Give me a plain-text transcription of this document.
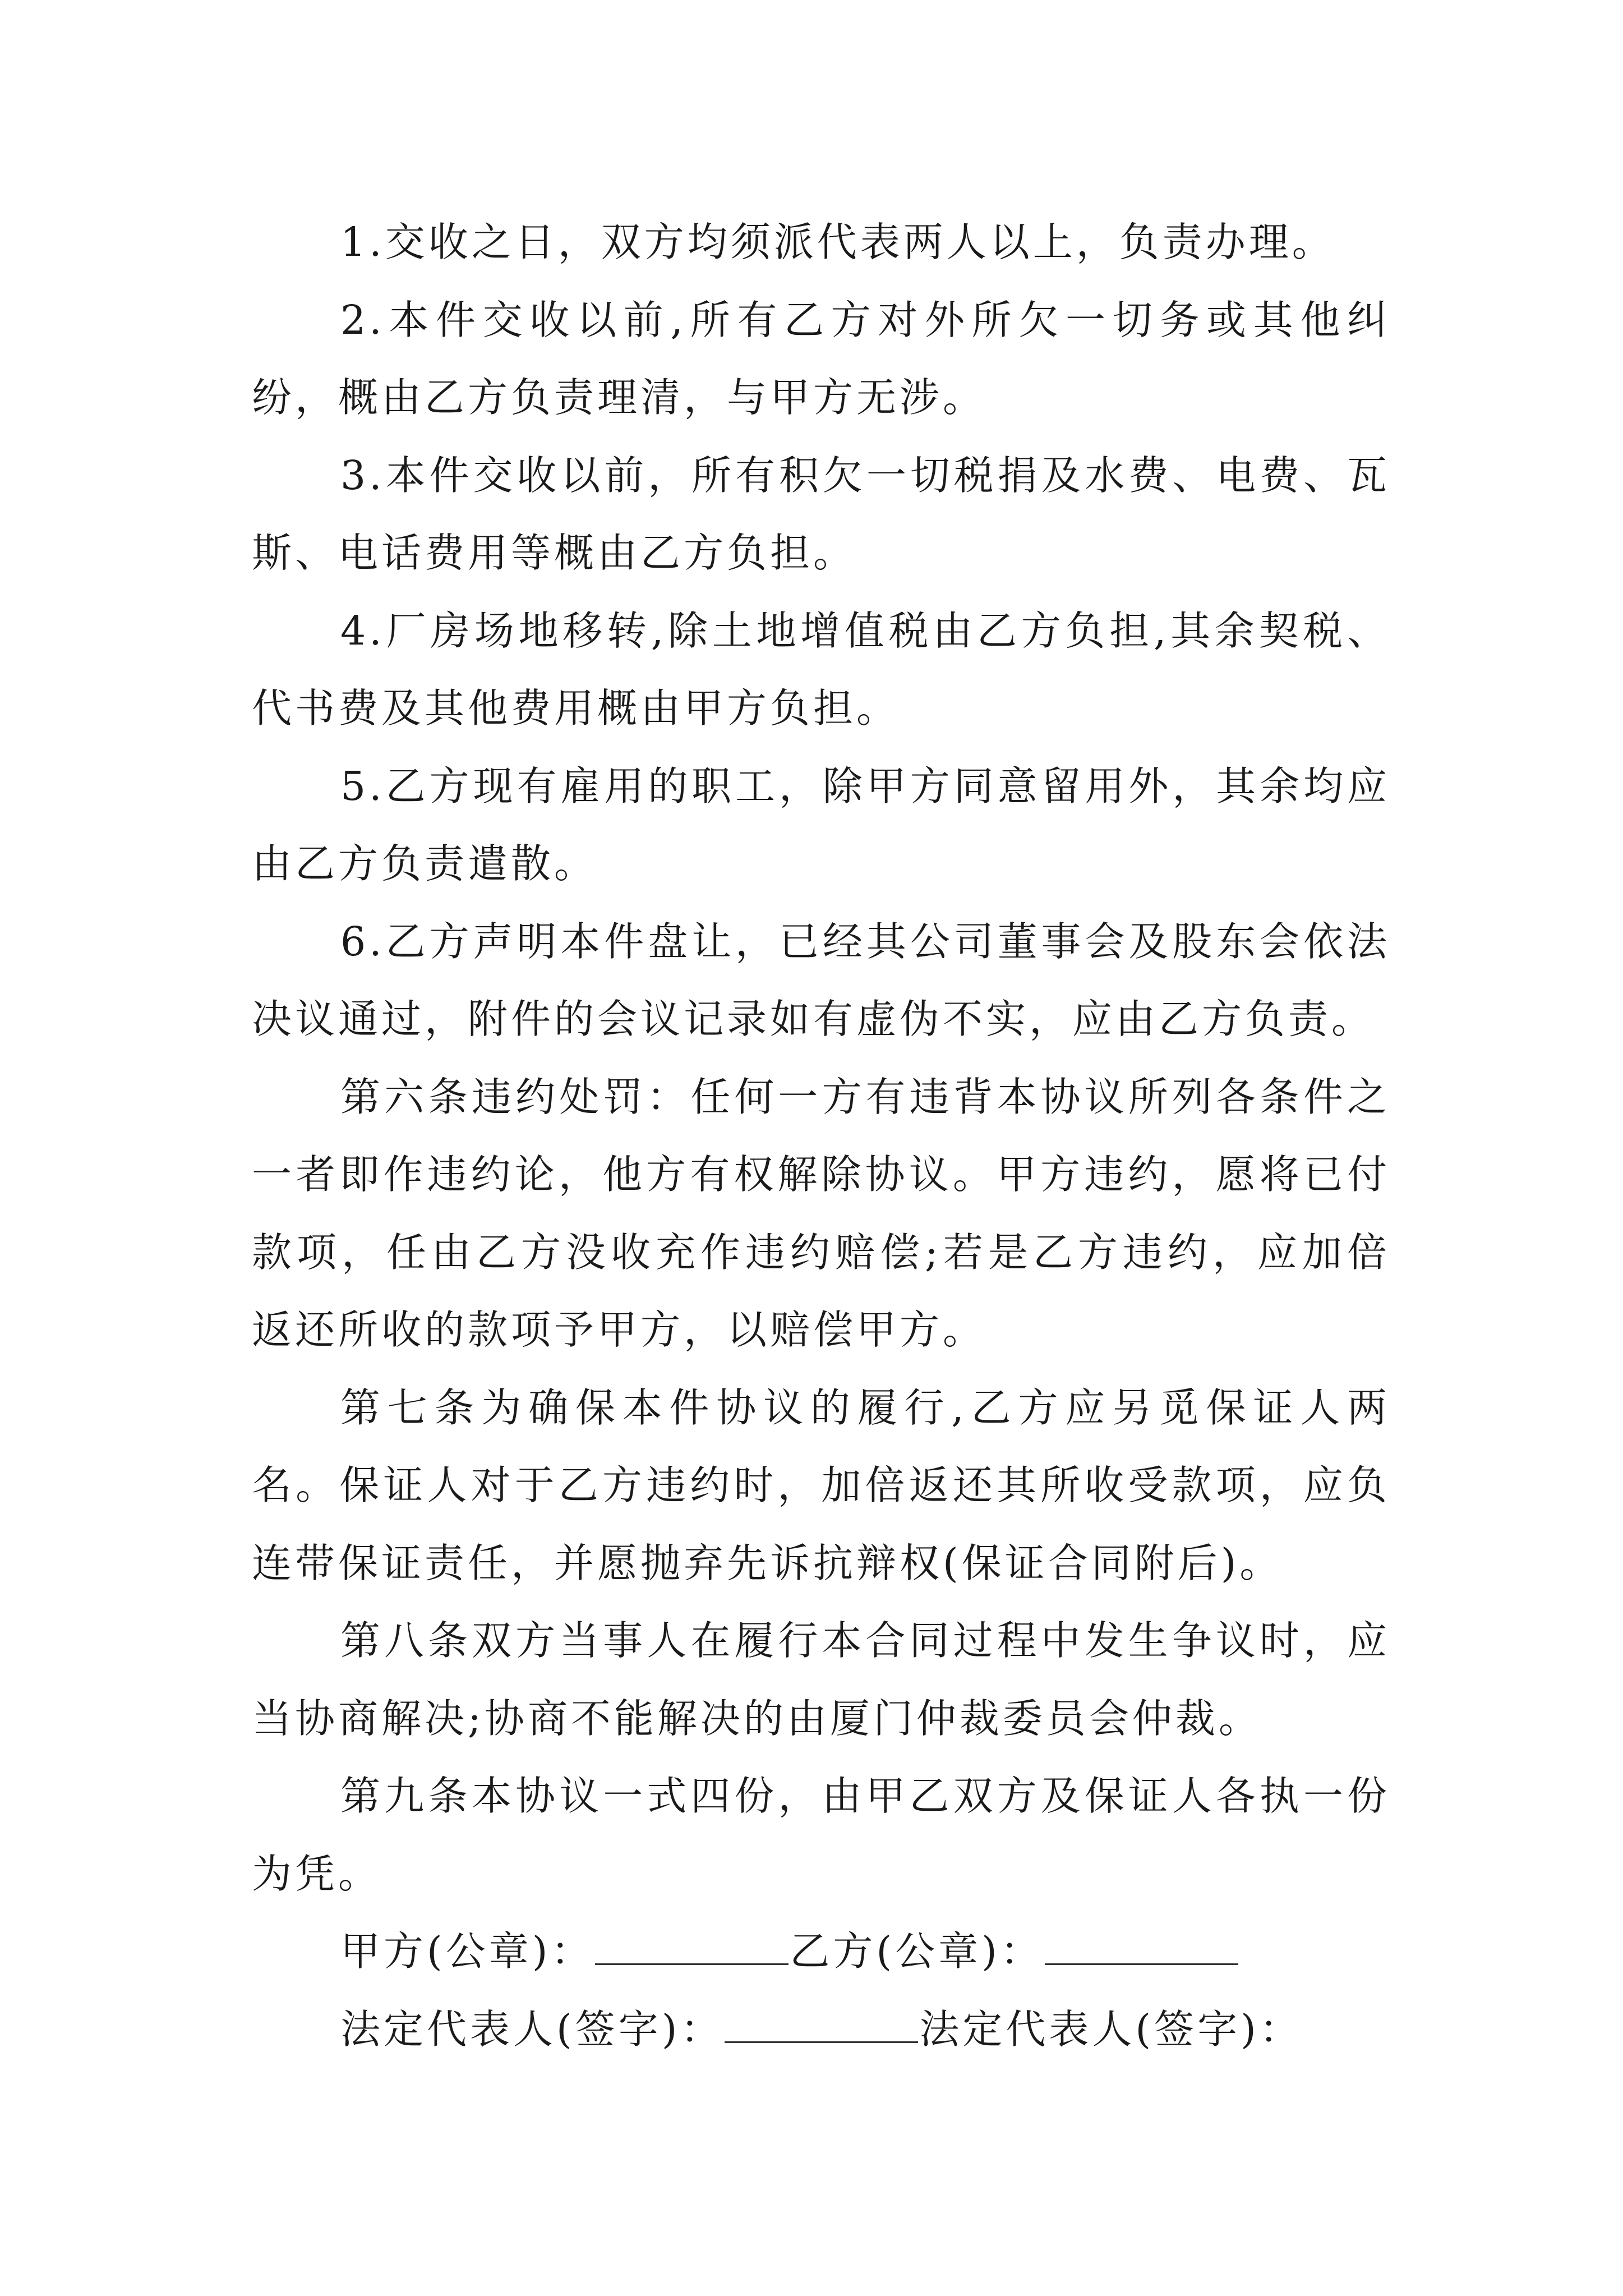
1.交收之日，双方均须派代表两人以上，负责办理。

2.本件交收以前,所有乙方对外所欠一切务或其他纠纷，概由乙方负责理清，与甲方无涉。

3.本件交收以前，所有积欠一切税捐及水费、电费、瓦斯、电话费用等概由乙方负担。

4.厂房场地移转,除土地增值税由乙方负担,其余契税、代书费及其他费用概由甲方负担。

5.乙方现有雇用的职工，除甲方同意留用外，其余均应由乙方负责遣散。

6.乙方声明本件盘让，已经其公司董事会及股东会依法决议通过，附件的会议记录如有虚伪不实，应由乙方负责。

第六条违约处罚：任何一方有违背本协议所列各条件之一者即作违约论，他方有权解除协议。甲方违约，愿将已付款项，任由乙方没收充作违约赔偿;若是乙方违约，应加倍返还所收的款项予甲方，以赔偿甲方。

第七条为确保本件协议的履行,乙方应另觅保证人两名。保证人对于乙方违约时，加倍返还其所收受款项，应负连带保证责任，并愿抛弃先诉抗辩权(保证合同附后)。

第八条双方当事人在履行本合同过程中发生争议时，应当协商解决;协商不能解决的由厦门仲裁委员会仲裁。

第九条本协议一式四份，由甲乙双方及保证人各执一份为凭。

甲方(公章)：	乙方(公章)：

法定代表人(签字)：	法定代表人(签字)：
